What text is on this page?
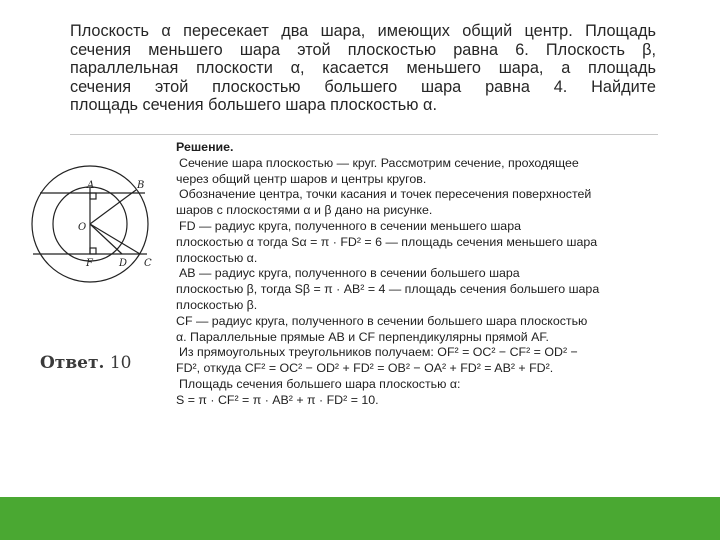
Плоскость α пересекает два шара, имеющих общий центр. Площадь
сечения меньшего шара этой плоскостью равна 6. Плоскость β,
параллельная плоскости α, касается меньшего шара, а площадь
сечения этой плоскостью большего шара равна 4. Найдите
площадь сечения большего шара плоскостью α.
A	B
O
F	D C
Ответ. 10
Решение.
Сечение шара плоскостью — круг. Рассмотрим сечение, проходящее
через общий центр шаров и центры кругов.
Обозначение центра, точки касания и точек пересечения поверхностей
шаров с плоскостями α и β дано на рисунке.
FD — радиус круга, полученного в сечении меньшего шара
плоскостью α тогда Sα = π · FD² = 6 — площадь сечения меньшего шара
плоскостью α.
AB — радиус круга, полученного в сечении большего шара
плоскостью β, тогда Sβ = π · AB² = 4 — площадь сечения большего шара
плоскостью β.
CF — радиус круга, полученного в сечении большего шара плоскостью
α. Параллельные прямые AB и CF перпендикулярны прямой AF.
Из прямоугольных треугольников получаем: OF² = OC² − CF² = OD² −
FD², откуда CF² = OC² − OD² + FD² = OB² − OA² + FD² = AB² + FD².
Площадь сечения большего шара плоскостью α:
S = π · CF² = π · AB² + π · FD² = 10.
